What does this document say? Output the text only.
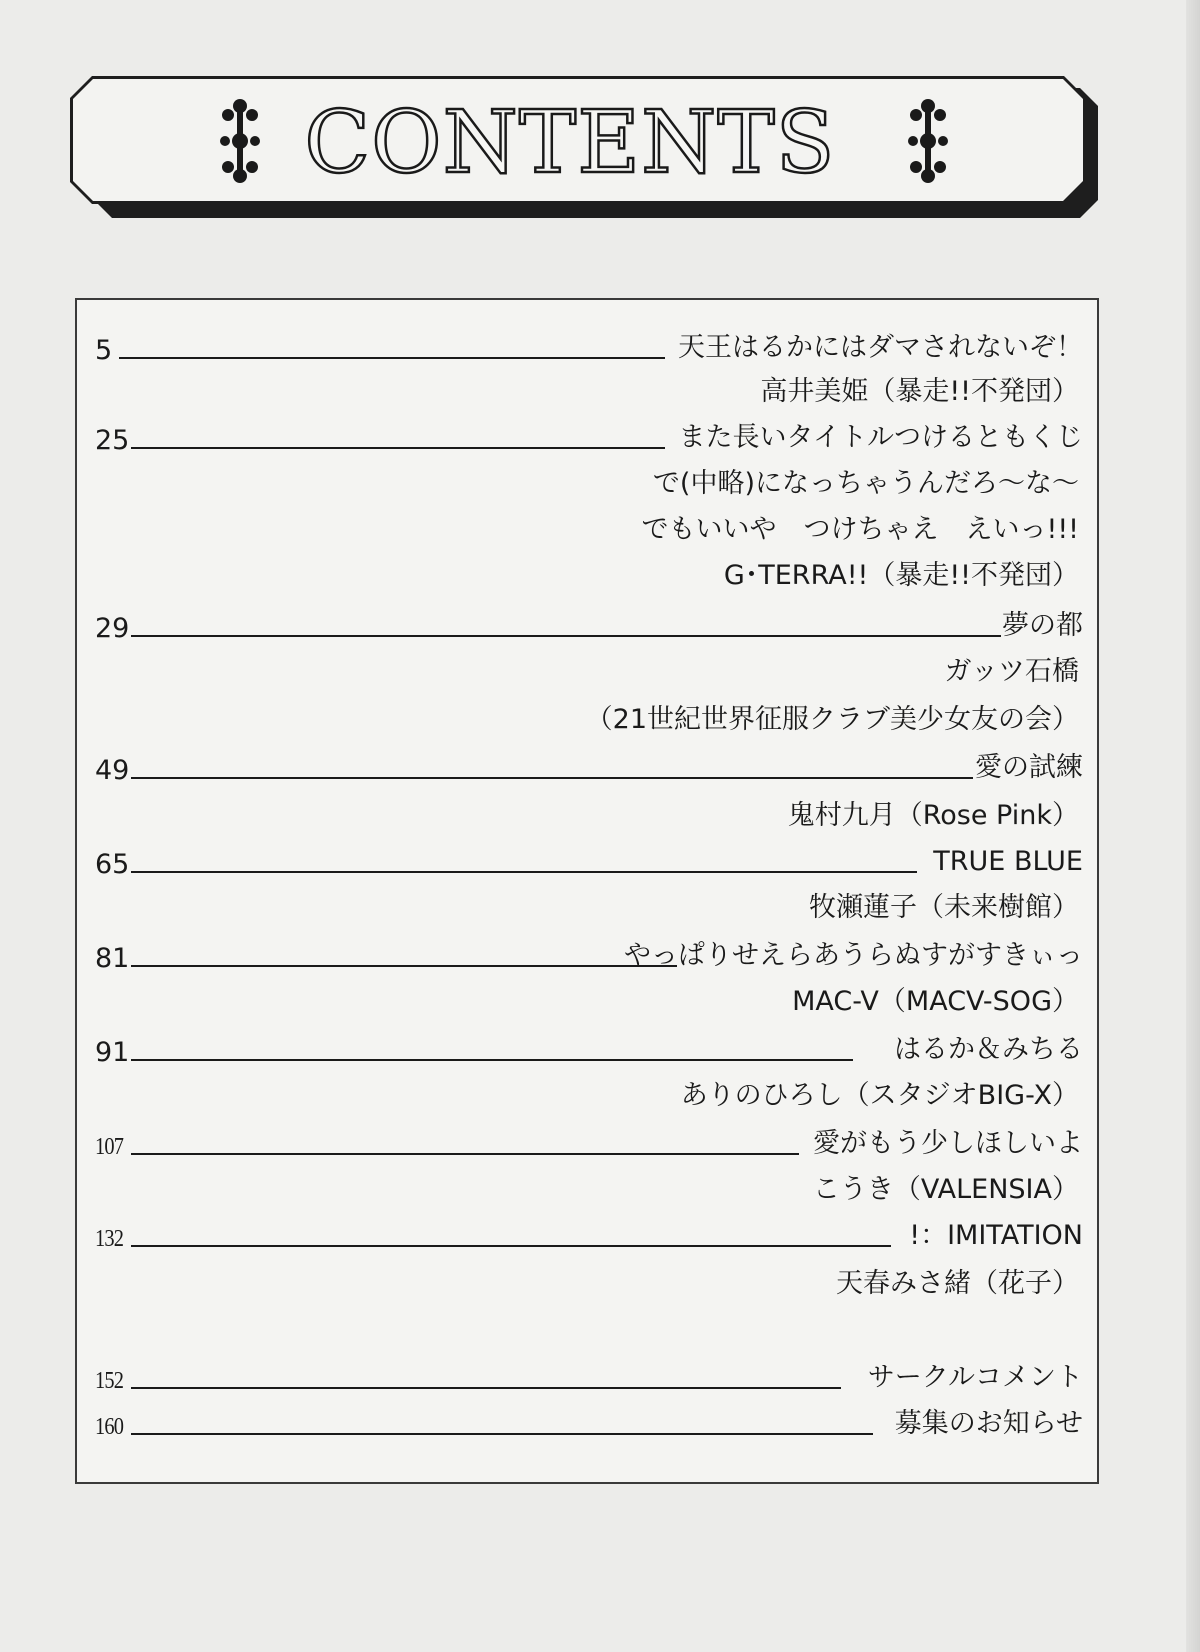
CONTENTS
5	天王はるかにはダマされないぞ！
高井美姫（暴走!!不発団）
25	また長いタイトルつけるともくじ
で(中略)になっちゃうんだろ〜な〜
でもいいや　つけちゃえ　えいっ!!!
G･TERRA!!（暴走!!不発団）
29	夢の都
ガッツ石橋
（21世紀世界征服クラブ美少女友の会）
49	愛の試練
鬼村九月（Rose Pink）
65	TRUE BLUE
牧瀬蓮子（未来樹館）
81	やっぱりせえらあうらぬすがすきぃっ
MAC-V（MACV-SOG）
91	はるか＆みちる
ありのひろし（スタジオBIG-X）
107	愛がもう少しほしいよ
こうき（VALENSIA）
132	!：IMITATION
天春みさ緒（花子）
152	サークルコメント
160	募集のお知らせ
